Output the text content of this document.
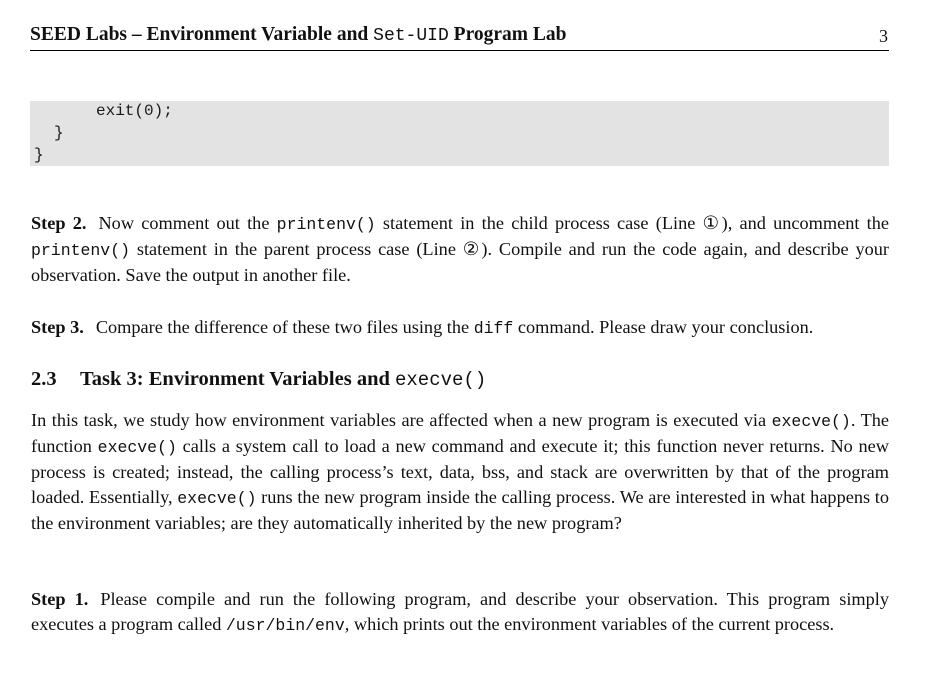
SEED Labs – Environment Variable and Set-UID Program Lab	3
exit(0);
}
}

Step 2. Now comment out the printenv() statement in the child process case (Line ①), and uncomment the printenv() statement in the parent process case (Line ②). Compile and run the code again, and describe your observation. Save the output in another file.

Step 3. Compare the difference of these two files using the diff command. Please draw your conclusion.

2.3 Task 3: Environment Variables and execve()

In this task, we study how environment variables are affected when a new program is executed via execve(). The function execve() calls a system call to load a new command and execute it; this function never returns. No new process is created; instead, the calling process’s text, data, bss, and stack are overwritten by that of the program loaded. Essentially, execve() runs the new program inside the calling process. We are interested in what happens to the environment variables; are they automatically inherited by the new program?

Step 1. Please compile and run the following program, and describe your observation. This program simply executes a program called /usr/bin/env, which prints out the environment variables of the current process.
